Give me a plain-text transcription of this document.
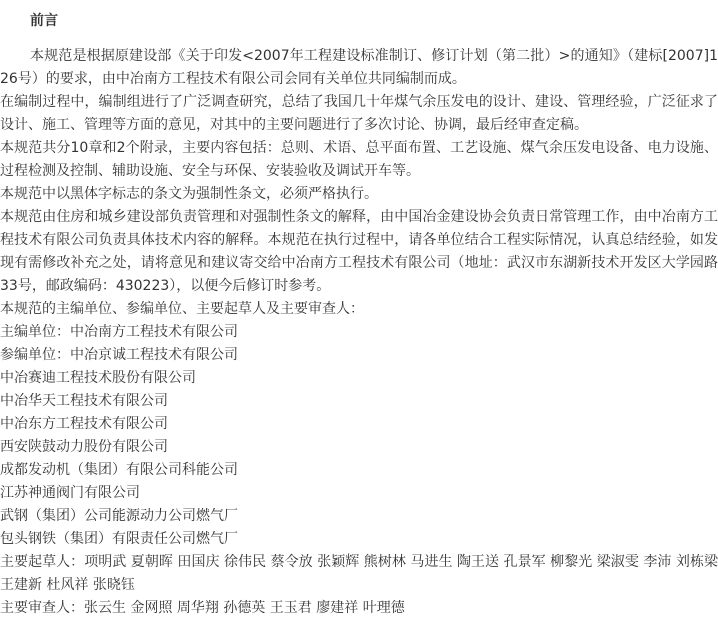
前言

本规范是根据原建设部《关于印发<2007年工程建设标准制订、修订计划（第二批）>的通知》（建标[2007]126号）的要求，由中冶南方工程技术有限公司会同有关单位共同编制而成。

在编制过程中，编制组进行了广泛调查研究，总结了我国几十年煤气余压发电的设计、建设、管理经验，广泛征求了设计、施工、管理等方面的意见，对其中的主要问题进行了多次讨论、协调，最后经审查定稿。

本规范共分10章和2个附录，主要内容包括：总则、术语、总平面布置、工艺设施、煤气余压发电设备、电力设施、过程检测及控制、辅助设施、安全与环保、安装验收及调试开车等。

本规范中以黑体字标志的条文为强制性条文，必须严格执行。

本规范由住房和城乡建设部负责管理和对强制性条文的解释，由中国冶金建设协会负责日常管理工作，由中冶南方工程技术有限公司负责具体技术内容的解释。本规范在执行过程中，请各单位结合工程实际情况，认真总结经验，如发现有需修改补充之处，请将意见和建议寄交给中冶南方工程技术有限公司（地址：武汉市东湖新技术开发区大学园路33号，邮政编码：430223），以便今后修订时参考。

本规范的主编单位、参编单位、主要起草人及主要审查人：

主编单位：中冶南方工程技术有限公司

参编单位：中冶京诚工程技术有限公司

中冶赛迪工程技术股份有限公司

中冶华天工程技术有限公司

中冶东方工程技术有限公司

西安陕鼓动力股份有限公司

成都发动机（集团）有限公司科能公司

江苏神通阀门有限公司

武钢（集团）公司能源动力公司燃气厂

包头钢铁（集团）有限责任公司燃气厂

主要起草人：项明武 夏朝晖 田国庆 徐伟民 蔡令放 张颖辉 熊树林 马进生 陶王送 孔景军 柳黎光 梁淑雯 李沛 刘栋梁 王建新 杜风祥 张晓钰

主要审查人：张云生 金网照 周华翔 孙德英 王玉君 廖建祥 叶理德
